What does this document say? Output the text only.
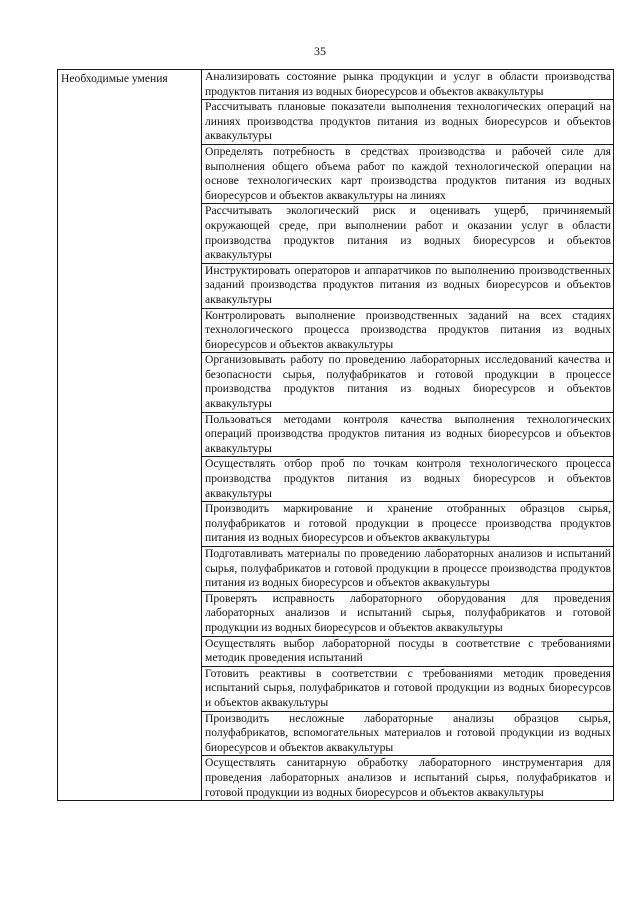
35
Необходимые умения	Анализировать состояние рынка продукции и услуг в области производства продуктов питания из водных биоресурсов и объектов аквакультуры
Рассчитывать плановые показатели выполнения технологических операций на линиях производства продуктов питания из водных биоресурсов и объектов аквакультуры
Определять потребность в средствах производства и рабочей силе для выполнения общего объема работ по каждой технологической операции на основе технологических карт производства продуктов питания из водных биоресурсов и объектов аквакультуры на линиях
Рассчитывать экологический риск и оценивать ущерб, причиняемый окружающей среде, при выполнении работ и оказании услуг в области производства продуктов питания из водных биоресурсов и объектов аквакультуры
Инструктировать операторов и аппаратчиков по выполнению производственных заданий производства продуктов питания из водных биоресурсов и объектов аквакультуры
Контролировать выполнение производственных заданий на всех стадиях технологического процесса производства продуктов питания из водных биоресурсов и объектов аквакультуры
Организовывать работу по проведению лабораторных исследований качества и безопасности сырья, полуфабрикатов и готовой продукции в процессе производства продуктов питания из водных биоресурсов и объектов аквакультуры
Пользоваться методами контроля качества выполнения технологических операций производства продуктов питания из водных биоресурсов и объектов аквакультуры
Осуществлять отбор проб по точкам контроля технологического процесса производства продуктов питания из водных биоресурсов и объектов аквакультуры
Производить маркирование и хранение отобранных образцов сырья, полуфабрикатов и готовой продукции в процессе производства продуктов питания из водных биоресурсов и объектов аквакультуры
Подготавливать материалы по проведению лабораторных анализов и испытаний сырья, полуфабрикатов и готовой продукции в процессе производства продуктов питания из водных биоресурсов и объектов аквакультуры
Проверять исправность лабораторного оборудования для проведения лабораторных анализов и испытаний сырья, полуфабрикатов и готовой продукции из водных биоресурсов и объектов аквакультуры
Осуществлять выбор лабораторной посуды в соответствие с требованиями методик проведения испытаний
Готовить реактивы в соответствии с требованиями методик проведения испытаний сырья, полуфабрикатов и готовой продукции из водных биоресурсов и объектов аквакультуры
Производить несложные лабораторные анализы образцов сырья, полуфабрикатов, вспомогательных материалов и готовой продукции из водных биоресурсов и объектов аквакультуры
Осуществлять санитарную обработку лабораторного инструментария для проведения лабораторных анализов и испытаний сырья, полуфабрикатов и готовой продукции из водных биоресурсов и объектов аквакультуры
